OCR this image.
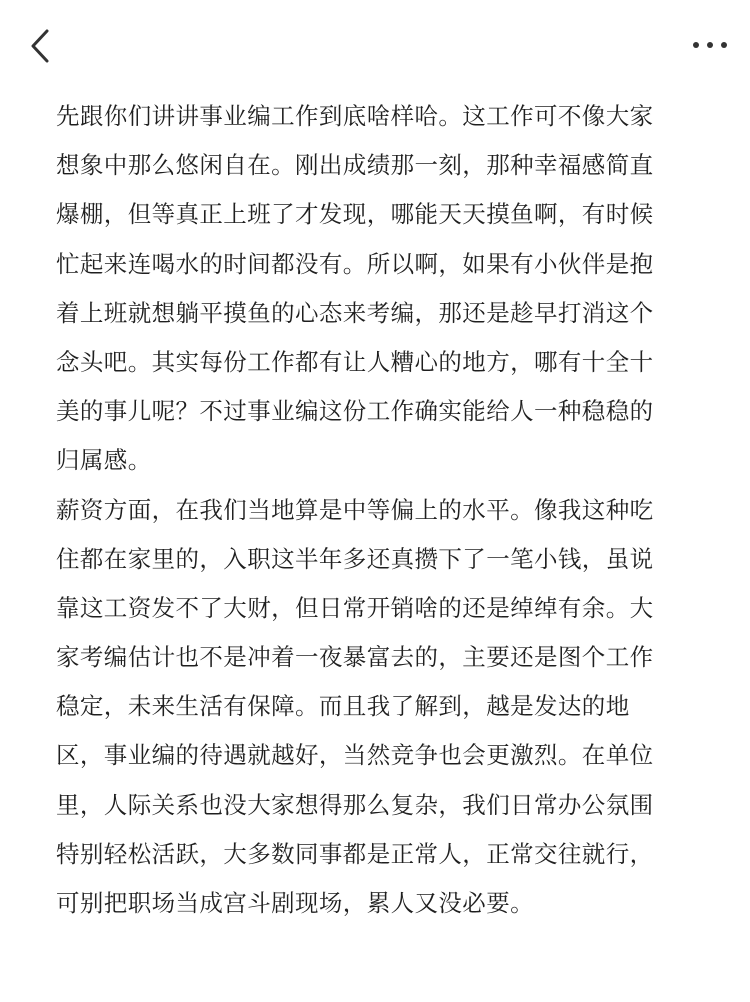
先跟你们讲讲事业编工作到底啥样哈。这工作可不像大家
想象中那么悠闲自在。刚出成绩那一刻，那种幸福感简直
爆棚，但等真正上班了才发现，哪能天天摸鱼啊，有时候
忙起来连喝水的时间都没有。所以啊，如果有小伙伴是抱
着上班就想躺平摸鱼的心态来考编，那还是趁早打消这个
念头吧。其实每份工作都有让人糟心的地方，哪有十全十
美的事儿呢？不过事业编这份工作确实能给人一种稳稳的
归属感。
薪资方面，在我们当地算是中等偏上的水平。像我这种吃
住都在家里的，入职这半年多还真攒下了一笔小钱，虽说
靠这工资发不了大财，但日常开销啥的还是绰绰有余。大
家考编估计也不是冲着一夜暴富去的，主要还是图个工作
稳定，未来生活有保障。而且我了解到，越是发达的地
区，事业编的待遇就越好，当然竞争也会更激烈。在单位
里，人际关系也没大家想得那么复杂，我们日常办公氛围
特别轻松活跃，大多数同事都是正常人，正常交往就行，
可别把职场当成宫斗剧现场，累人又没必要。
